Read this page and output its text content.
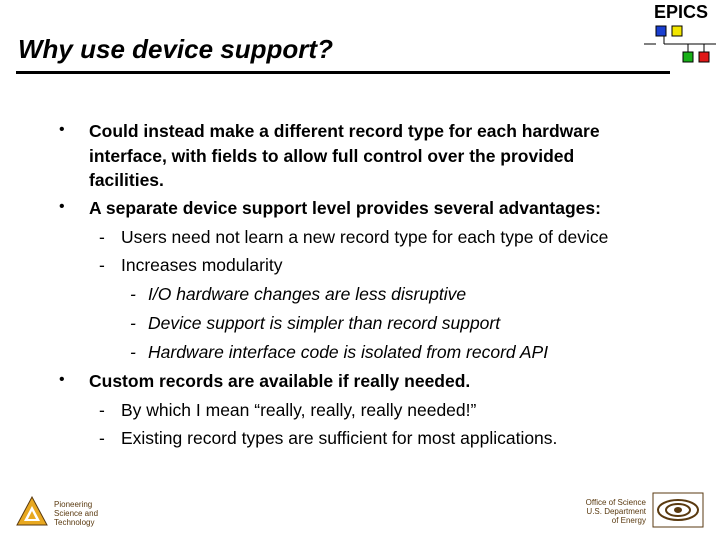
Why use device support?
EPICS
• Could instead make a different record type for each hardware
interface, with fields to allow full control over the provided
facilities.
• A separate device support level provides several advantages:
- Users need not learn a new record type for each type of device
- Increases modularity
- I/O hardware changes are less disruptive
- Device support is simpler than record support
- Hardware interface code is isolated from record API
• Custom records are available if really needed.
- By which I mean “really, really, really needed!”
- Existing record types are sufficient for most applications.
Pioneering
Science and
Technology
Office of Science
U.S. Department
of Energy
